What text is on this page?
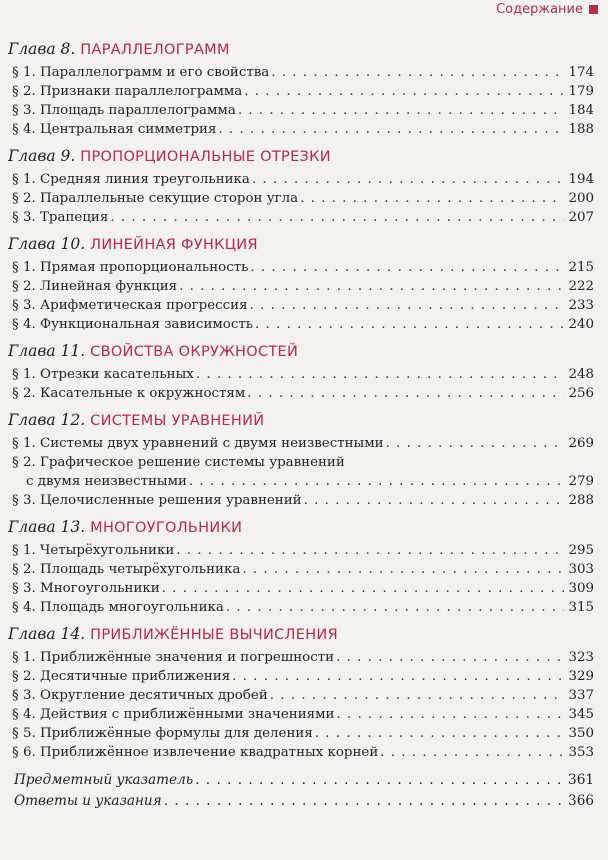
Содержание
Глава 8. ПАРАЛЛЕЛОГРАММ
§ 1. Параллелограмм и его свойства . . .	174
§ 2. Признаки параллелограмма . . .	179
§ 3. Площадь параллелограмма . . .	184
§ 4. Центральная симметрия . . .	188
Глава 9. ПРОПОРЦИОНАЛЬНЫЕ ОТРЕЗКИ
§ 1. Средняя линия треугольника . . .	194
§ 2. Параллельные секущие сторон угла . . .	200
§ 3. Трапеция . . .	207
Глава 10. ЛИНЕЙНАЯ ФУНКЦИЯ
§ 1. Прямая пропорциональность . . .	215
§ 2. Линейная функция . . .	222
§ 3. Арифметическая прогрессия . . .	233
§ 4. Функциональная зависимость . . .	240
Глава 11. СВОЙСТВА ОКРУЖНОСТЕЙ
§ 1. Отрезки касательных . . .	248
§ 2. Касательные к окружностям . . .	256
Глава 12. СИСТЕМЫ УРАВНЕНИЙ
§ 1. Системы двух уравнений с двумя неизвестными . . .	269
§ 2. Графическое решение системы уравнений
с двумя неизвестными . . .	279
§ 3. Целочисленные решения уравнений . . .	288
Глава 13. МНОГОУГОЛЬНИКИ
§ 1. Четырёхугольники . . .	295
§ 2. Площадь четырёхугольника . . .	303
§ 3. Многоугольники . . .	309
§ 4. Площадь многоугольника . . .	315
Глава 14. ПРИБЛИЖЁННЫЕ ВЫЧИСЛЕНИЯ
§ 1. Приближённые значения и погрешности . . .	323
§ 2. Десятичные приближения . . .	329
§ 3. Округление десятичных дробей . . .	337
§ 4. Действия с приближёнными значениями . . .	345
§ 5. Приближённые формулы для деления . . .	350
§ 6. Приближённое извлечение квадратных корней . . .	353
Предметный указатель . . .	361
Ответы и указания . . .	366
